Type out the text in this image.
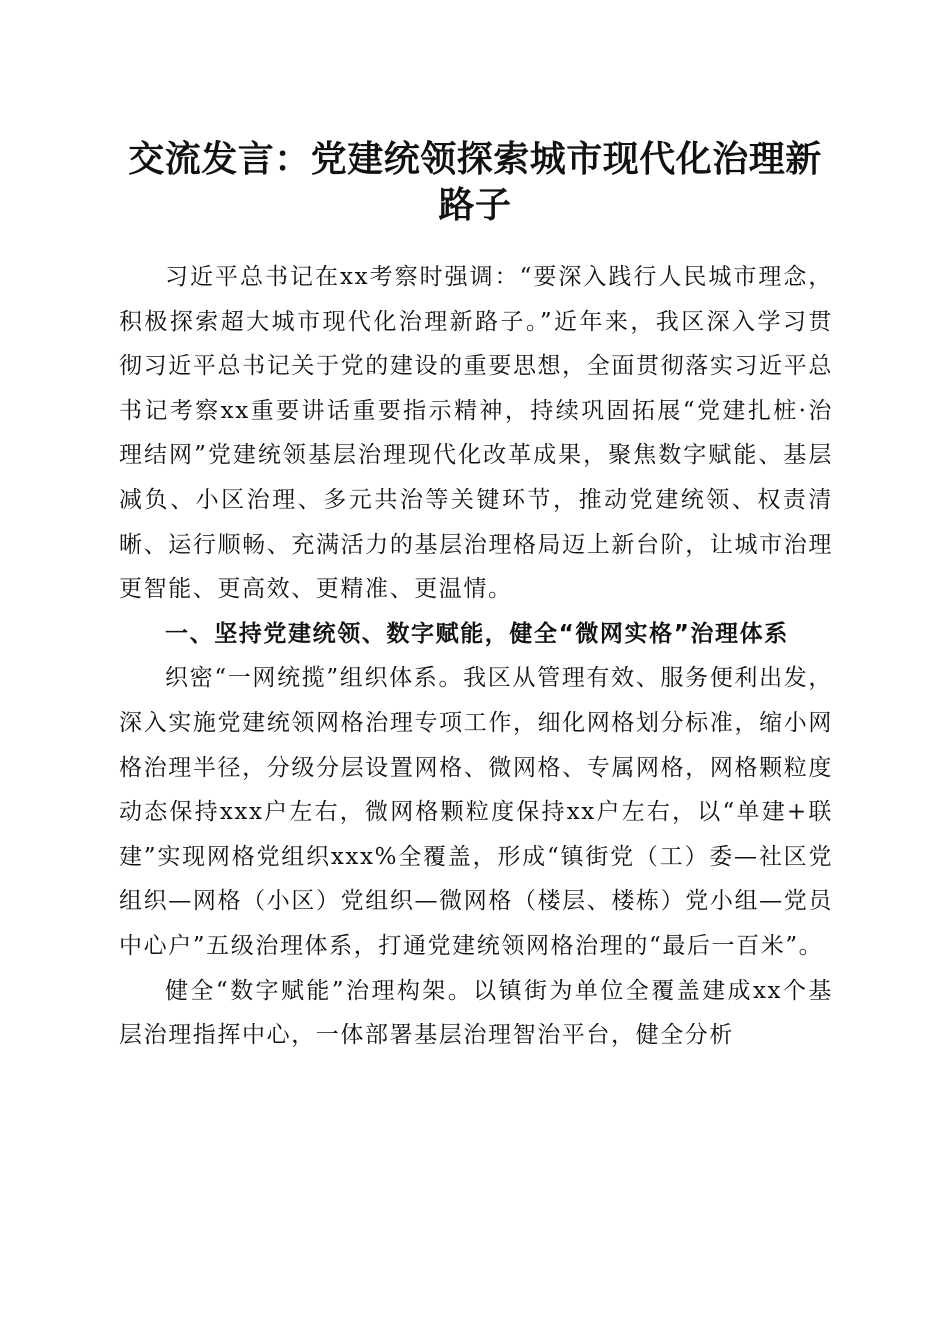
交流发言：党建统领探索城市现代化治理新路子

习近平总书记在xx考察时强调：“要深入践行人民城市理念，积极探索超大城市现代化治理新路子。”近年来，我区深入学习贯彻习近平总书记关于党的建设的重要思想，全面贯彻落实习近平总书记考察xx重要讲话重要指示精神，持续巩固拓展“党建扎桩·治理结网”党建统领基层治理现代化改革成果，聚焦数字赋能、基层减负、小区治理、多元共治等关键环节，推动党建统领、权责清晰、运行顺畅、充满活力的基层治理格局迈上新台阶，让城市治理更智能、更高效、更精准、更温情。

一、坚持党建统领、数字赋能，健全“微网实格”治理体系

织密“一网统揽”组织体系。我区从管理有效、服务便利出发，深入实施党建统领网格治理专项工作，细化网格划分标准，缩小网格治理半径，分级分层设置网格、微网格、专属网格，网格颗粒度动态保持xxx户左右，微网格颗粒度保持xx户左右，以“单建+联建”实现网格党组织xxx%全覆盖，形成“镇街党（工）委—社区党组织—网格（小区）党组织—微网格（楼层、楼栋）党小组—党员中心户”五级治理体系，打通党建统领网格治理的“最后一百米”。

健全“数字赋能”治理构架。以镇街为单位全覆盖建成xx个基层治理指挥中心，一体部署基层治理智治平台，健全分析
